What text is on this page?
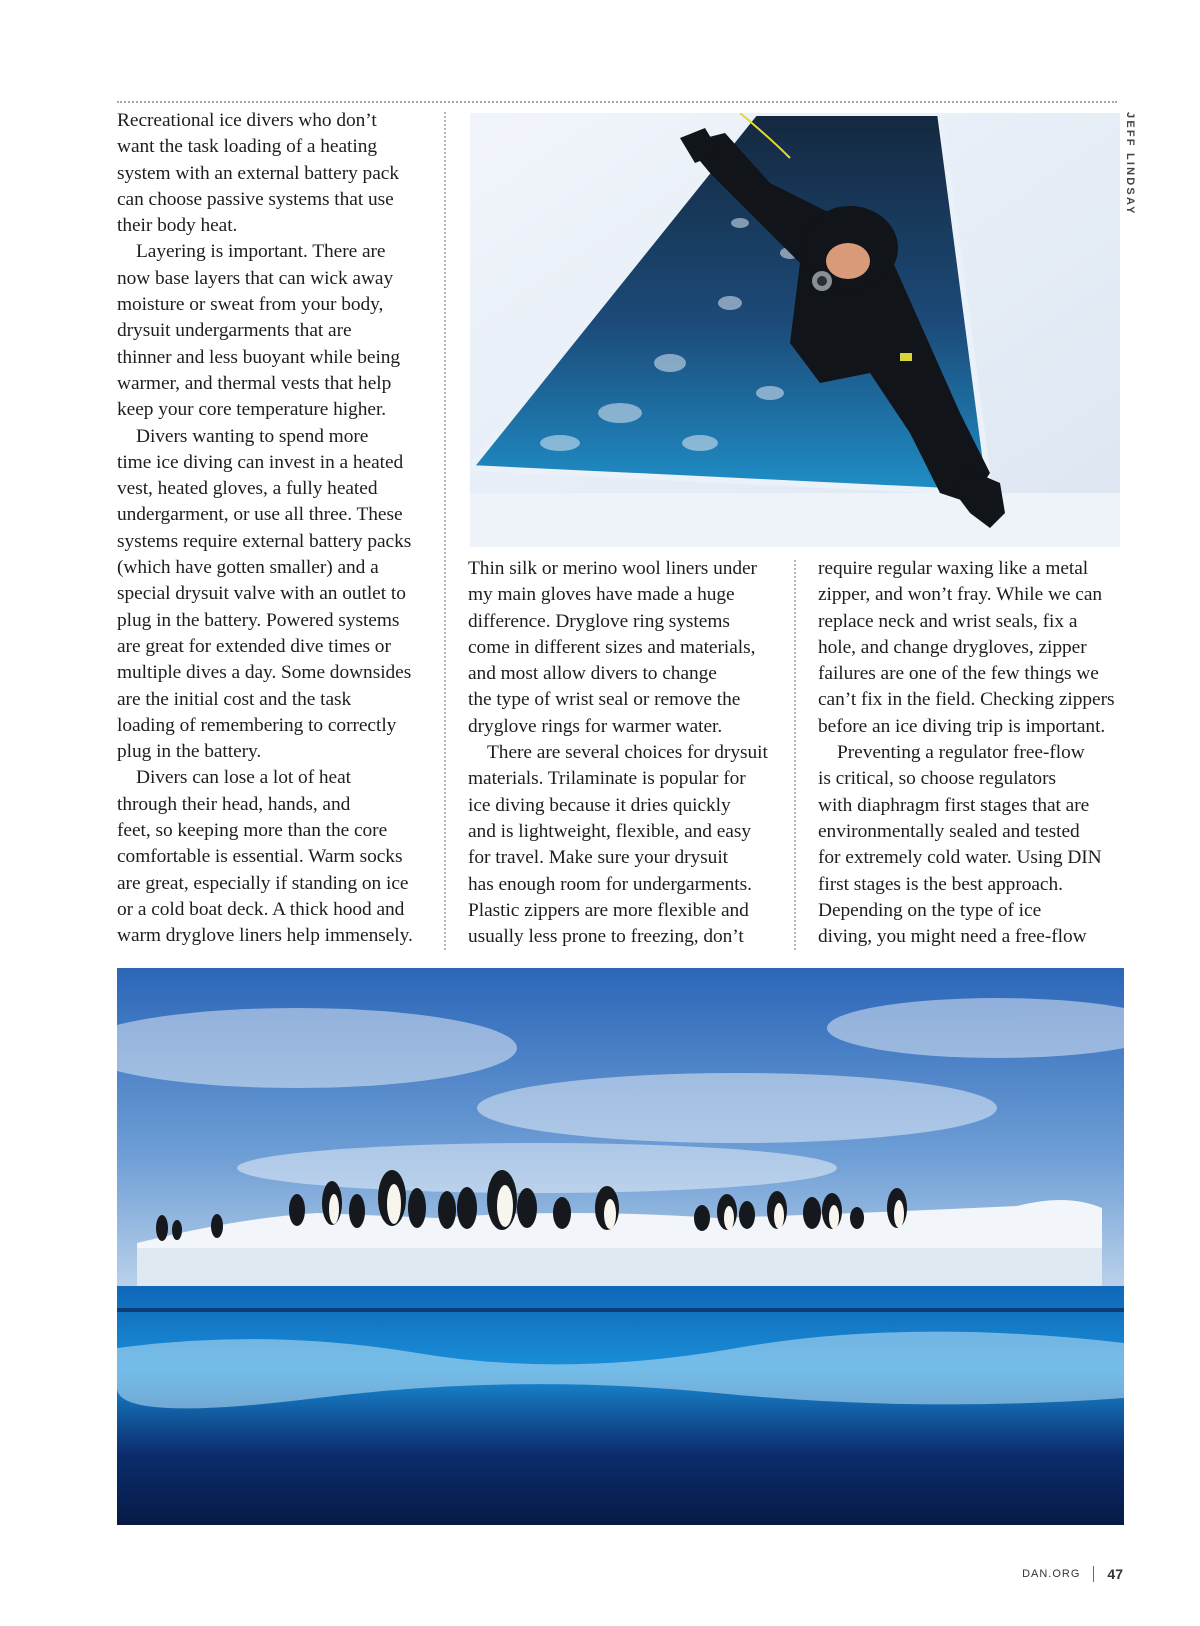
Recreational ice divers who don’t
want the task loading of a heating
system with an external battery pack
can choose passive systems that use
their body heat.

Layering is important. There are
now base layers that can wick away
moisture or sweat from your body,
drysuit undergarments that are
thinner and less buoyant while being
warmer, and thermal vests that help
keep your core temperature higher.

Divers wanting to spend more
time ice diving can invest in a heated
vest, heated gloves, a fully heated
undergarment, or use all three. These
systems require external battery packs
(which have gotten smaller) and a
special drysuit valve with an outlet to
plug in the battery. Powered systems
are great for extended dive times or
multiple dives a day. Some downsides
are the initial cost and the task
loading of remembering to correctly
plug in the battery.

Divers can lose a lot of heat
through their head, hands, and
feet, so keeping more than the core
comfortable is essential. Warm socks
are great, especially if standing on ice
or a cold boat deck. A thick hood and
warm dryglove liners help immensely.

JEFF LINDSAY

Thin silk or merino wool liners under
my main gloves have made a huge
difference. Dryglove ring systems
come in different sizes and materials,
and most allow divers to change
the type of wrist seal or remove the
dryglove rings for warmer water.

There are several choices for drysuit
materials. Trilaminate is popular for
ice diving because it dries quickly
and is lightweight, flexible, and easy
for travel. Make sure your drysuit
has enough room for undergarments.
Plastic zippers are more flexible and
usually less prone to freezing, don’t

require regular waxing like a metal
zipper, and won’t fray. While we can
replace neck and wrist seals, fix a
hole, and change drygloves, zipper
failures are one of the few things we
can’t fix in the field. Checking zippers
before an ice diving trip is important.

Preventing a regulator free-flow
is critical, so choose regulators
with diaphragm first stages that are
environmentally sealed and tested
for extremely cold water. Using DIN
first stages is the best approach.
Depending on the type of ice
diving, you might need a free-flow

DAN.ORG 47
